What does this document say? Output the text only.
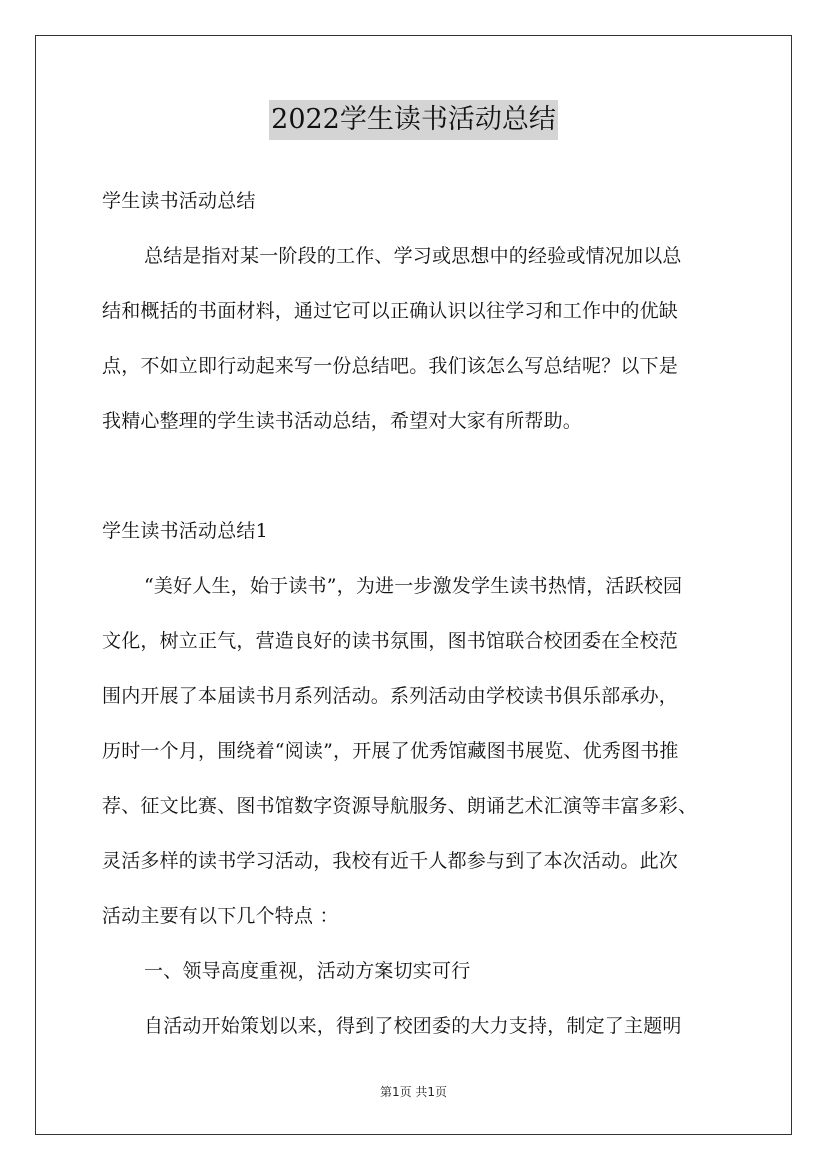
2022学生读书活动总结

学生读书活动总结

总结是指对某一阶段的工作、学习或思想中的经验或情况加以总

结和概括的书面材料，通过它可以正确认识以往学习和工作中的优缺

点，不如立即行动起来写一份总结吧。我们该怎么写总结呢？以下是

我精心整理的学生读书活动总结，希望对大家有所帮助。

学生读书活动总结1

“美好人生，始于读书”，为进一步激发学生读书热情，活跃校园

文化，树立正气，营造良好的读书氛围，图书馆联合校团委在全校范

围内开展了本届读书月系列活动。系列活动由学校读书俱乐部承办，

历时一个月，围绕着“阅读”，开展了优秀馆藏图书展览、优秀图书推

荐、征文比赛、图书馆数字资源导航服务、朗诵艺术汇演等丰富多彩、

灵活多样的读书学习活动，我校有近千人都参与到了本次活动。此次

活动主要有以下几个特点 ：

一、领导高度重视，活动方案切实可行

自活动开始策划以来，得到了校团委的大力支持，制定了主题明

第1页 共1页
